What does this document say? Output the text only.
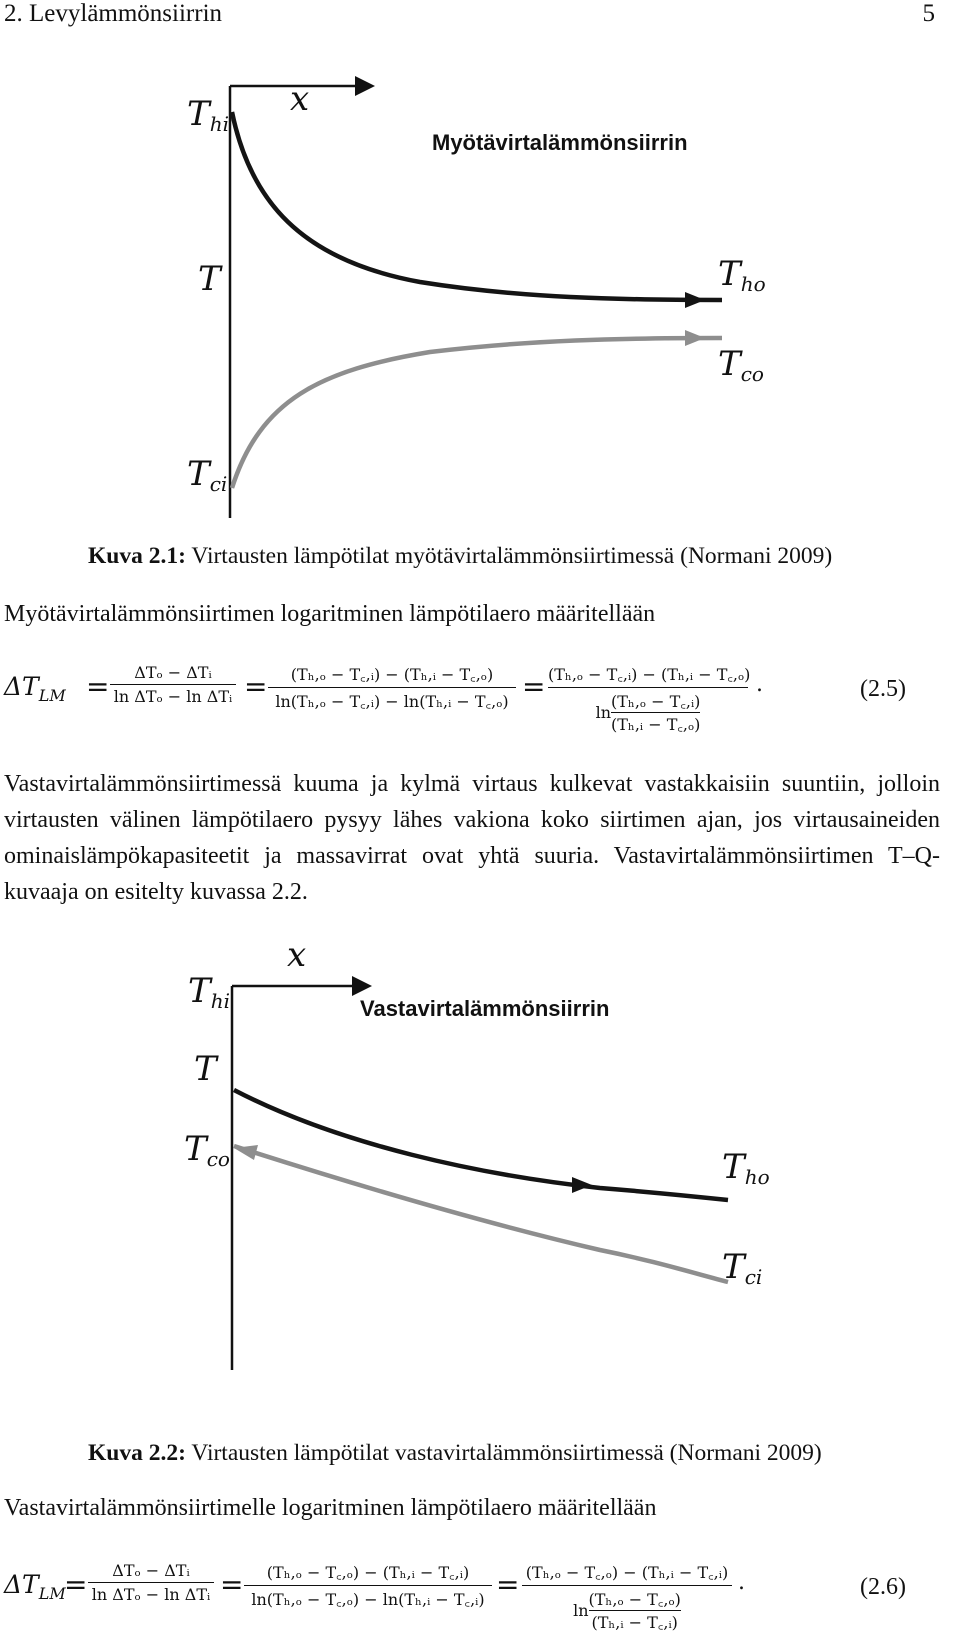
2. Levylämmönsiirrin	5
Thi
x
Myötävirtalämmönsiirrin
T	Tho
Tco
Tci
Kuva 2.1: Virtausten lämpötilat myötävirtalämmönsiirtimessä (Normani 2009)
Myötävirtalämmönsiirtimen logaritminen lämpötilaero määritellään
$\Delta T_{LM}$ =	ΔTₒ − ΔTᵢ
ln ΔTₒ − ln ΔTᵢ =	(Tₕ,ₒ − T꜀,ᵢ) − (Tₕ,ᵢ − T꜀,ₒ)
ln(Tₕ,ₒ − T꜀,ᵢ) − ln(Tₕ,ᵢ − T꜀,ₒ) = (Tₕ,ₒ − T꜀,ᵢ) − (Tₕ,ᵢ − T꜀,ₒ)
ln
(Tₕ,ₒ − T꜀,ᵢ)
(Tₕ,ᵢ − T꜀,ₒ)
.	(2.5)
Vastavirtalämmönsiirtimessä kuuma ja kylmä virtaus kulkevat vastakkaisiin suuntiin, jolloin virtausten välinen lämpötilaero pysyy lähes vakiona koko siirtimen ajan, jos virtausaineiden ominaislämpökapasiteetit ja massavirrat ovat yhtä suuria. Vastavirtalämmönsiirtimen T–Q-kuvaaja on esitelty kuvassa 2.2.
x
Thi	Vastavirtalämmönsiirrin
T
Tco	Tho
Tci
Kuva 2.2: Virtausten lämpötilat vastavirtalämmönsiirtimessä (Normani 2009)
Vastavirtalämmönsiirtimelle logaritminen lämpötilaero määritellään
$\Delta T_{LM}$
=	ΔTₒ − ΔTᵢ
ln ΔTₒ − ln ΔTᵢ =	(Tₕ,ₒ − T꜀,ₒ) − (Tₕ,ᵢ − T꜀,ᵢ)
ln(Tₕ,ₒ − T꜀,ₒ) − ln(Tₕ,ᵢ − T꜀,ᵢ) = (Tₕ,ₒ − T꜀,ₒ) − (Tₕ,ᵢ − T꜀,ᵢ)
ln
(Tₕ,ₒ − T꜀,ₒ)
(Tₕ,ᵢ − T꜀,ᵢ)
.	(2.6)
